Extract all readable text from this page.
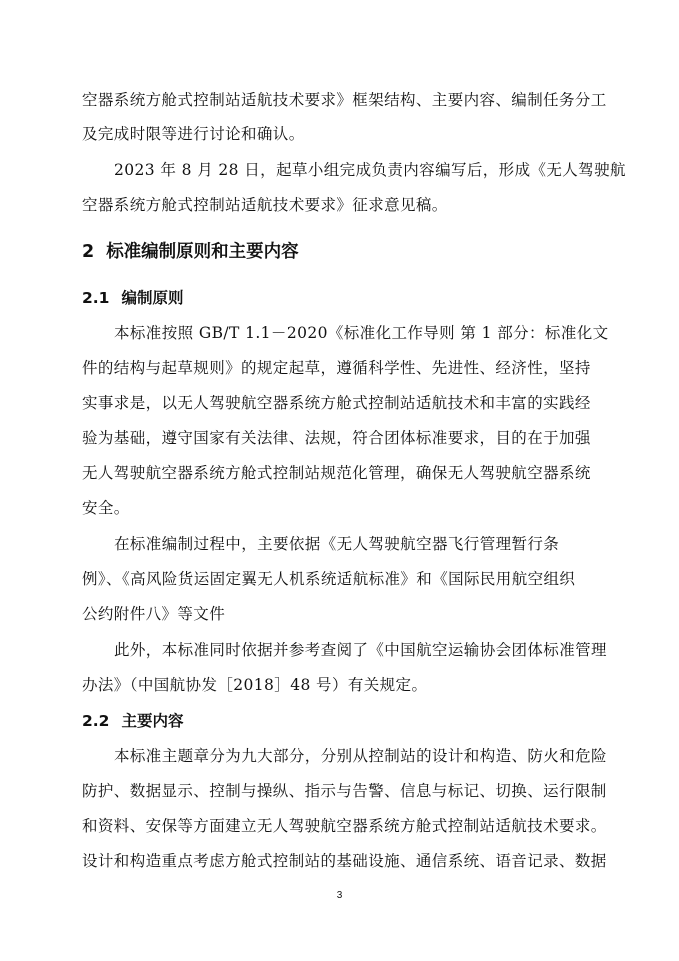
空器系统方舱式控制站适航技术要求》框架结构、主要内容、编制任务分工
及完成时限等进行讨论和确认。
2023 年 8 月 28 日，起草小组完成负责内容编写后，形成《无人驾驶航
空器系统方舱式控制站适航技术要求》征求意见稿。
2 标准编制原则和主要内容
2.1 编制原则
本标准按照 GB/T 1.1－2020《标准化工作导则 第 1 部分：标准化文
件的结构与起草规则》的规定起草，遵循科学性、先进性、经济性，坚持
实事求是，以无人驾驶航空器系统方舱式控制站适航技术和丰富的实践经
验为基础，遵守国家有关法律、法规，符合团体标准要求，目的在于加强
无人驾驶航空器系统方舱式控制站规范化管理，确保无人驾驶航空器系统
安全。
在标准编制过程中，主要依据《无人驾驶航空器飞行管理暂行条
例》、《高风险货运固定翼无人机系统适航标准》和《国际民用航空组织
公约附件八》等文件
此外，本标准同时依据并参考查阅了《中国航空运输协会团体标准管理
办法》（中国航协发［2018］48 号）有关规定。
2.2 主要内容
本标准主题章分为九大部分，分别从控制站的设计和构造、防火和危险
防护、数据显示、控制与操纵、指示与告警、信息与标记、切换、运行限制
和资料、安保等方面建立无人驾驶航空器系统方舱式控制站适航技术要求。
设计和构造重点考虑方舱式控制站的基础设施、通信系统、语音记录、数据
3
